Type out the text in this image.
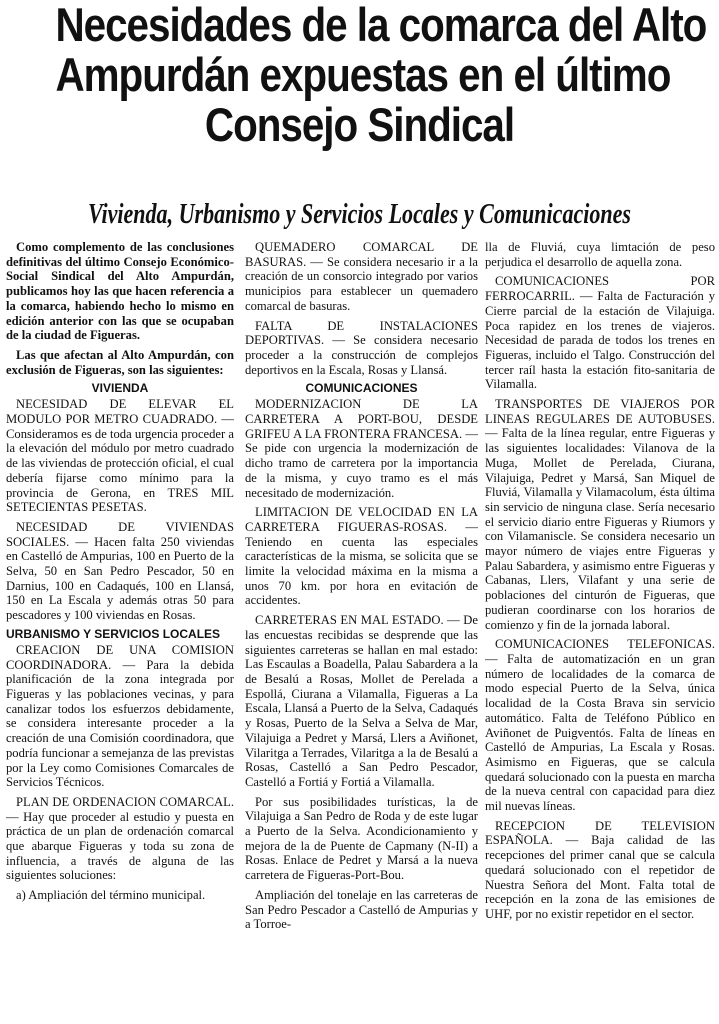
Necesidades de la comarca del Alto
Ampurdán expuestas en el último
Consejo Sindical
Vivienda, Urbanismo y Servicios Locales y Comunicaciones

Como complemento de las conclusiones definitivas del último Consejo Económico-Social Sindical del Alto Ampurdán, publicamos hoy las que hacen referencia a la comarca, habiendo hecho lo mismo en edición anterior con las que se ocupaban de la ciudad de Figueras.

Las que afectan al Alto Ampurdán, con exclusión de Figueras, son las siguientes:

VIVIENDA

NECESIDAD DE ELEVAR EL MODULO POR METRO CUADRADO. — Consideramos es de toda urgencia proceder a la elevación del módulo por metro cuadrado de las viviendas de protección oficial, el cual debería fijarse como mínimo para la provincia de Gerona, en TRES MIL SETECIENTAS PESETAS.

NECESIDAD DE VIVIENDAS SOCIALES. — Hacen falta 250 viviendas en Castelló de Ampurias, 100 en Puerto de la Selva, 50 en San Pedro Pescador, 50 en Darnius, 100 en Cadaqués, 100 en Llansá, 150 en La Escala y además otras 50 para pescadores y 100 viviendas en Rosas.

URBANISMO Y SERVICIOS LOCALES

CREACION DE UNA COMISION COORDINADORA. — Para la debida planificación de la zona integrada por Figueras y las poblaciones vecinas, y para canalizar todos los esfuerzos debidamente, se considera interesante proceder a la creación de una Comisión coordinadora, que podría funcionar a semejanza de las previstas por la Ley como Comisiones Comarcales de Servicios Técnicos.

PLAN DE ORDENACION COMARCAL. — Hay que proceder al estudio y puesta en práctica de un plan de ordenación comarcal que abarque Figueras y toda su zona de influencia, a través de alguna de las siguientes soluciones:

a) Ampliación del término municipal.

QUEMADERO COMARCAL DE BASURAS. — Se considera necesario ir a la creación de un consorcio integrado por varios municipios para establecer un quemadero comarcal de basuras.

FALTA DE INSTALACIONES DEPORTIVAS. — Se considera necesario proceder a la construcción de complejos deportivos en la Escala, Rosas y Llansá.

COMUNICACIONES

MODERNIZACION DE LA CARRETERA A PORT-BOU, DESDE GRIFEU A LA FRONTERA FRANCESA. — Se pide con urgencia la modernización de dicho tramo de carretera por la importancia de la misma, y cuyo tramo es el más necesitado de modernización.

LIMITACION DE VELOCIDAD EN LA CARRETERA FIGUERAS-ROSAS. — Teniendo en cuenta las especiales características de la misma, se solicita que se limite la velocidad máxima en la misma a unos 70 km. por hora en evitación de accidentes.

CARRETERAS EN MAL ESTADO. — De las encuestas recibidas se desprende que las siguientes carreteras se hallan en mal estado: Las Escaulas a Boadella, Palau Sabardera a la de Besalú a Rosas, Mollet de Perelada a Espollá, Ciurana a Vilamalla, Figueras a La Escala, Llansá a Puerto de la Selva, Cadaqués y Rosas, Puerto de la Selva a Selva de Mar, Vilajuiga a Pedret y Marsá, Llers a Aviñonet, Vilaritga a Terrades, Vilaritga a la de Besalú a Rosas, Castelló a San Pedro Pescador, Castelló a Fortiá y Fortiá a Vilamalla.

Por sus posibilidades turísticas, la de Vilajuiga a San Pedro de Roda y de este lugar a Puerto de la Selva. Acondicionamiento y mejora de la de Puente de Capmany (N-II) a Rosas. Enlace de Pedret y Marsá a la nueva carretera de Figueras-Port-Bou.

Ampliación del tonelaje en las carreteras de San Pedro Pescador a Castelló de Ampurias y a Torroe-

lla de Fluviá, cuya limtación de peso perjudica el desarrollo de aquella zona.

COMUNICACIONES POR FERROCARRIL. — Falta de Facturación y Cierre parcial de la estación de Vilajuiga. Poca rapidez en los trenes de viajeros. Necesidad de parada de todos los trenes en Figueras, incluido el Talgo. Construcción del tercer raíl hasta la estación fito-sanitaria de Vilamalla.

TRANSPORTES DE VIAJEROS POR LINEAS REGULARES DE AUTOBUSES. — Falta de la línea regular, entre Figueras y las siguientes localidades: Vilanova de la Muga, Mollet de Perelada, Ciurana, Vilajuiga, Pedret y Marsá, San Miquel de Fluviá, Vilamalla y Vilamacolum, ésta última sin servicio de ninguna clase. Sería necesario el servicio diario entre Figueras y Riumors y con Vilamaniscle. Se considera necesario un mayor número de viajes entre Figueras y Palau Sabardera, y asimismo entre Figueras y Cabanas, Llers, Vilafant y una serie de poblaciones del cinturón de Figueras, que pudieran coordinarse con los horarios de comienzo y fin de la jornada laboral.

COMUNICACIONES TELEFONICAS. — Falta de automatización en un gran número de localidades de la comarca de modo especial Puerto de la Selva, única localidad de la Costa Brava sin servicio automático. Falta de Teléfono Público en Aviñonet de Puigventós. Falta de líneas en Castelló de Ampurias, La Escala y Rosas. Asimismo en Figueras, que se calcula quedará solucionado con la puesta en marcha de la nueva central con capacidad para diez mil nuevas líneas.

RECEPCION DE TELEVISION ESPAÑOLA. — Baja calidad de las recepciones del primer canal que se calcula quedará solucionado con el repetidor de Nuestra Señora del Mont. Falta total de recepción en la zona de las emisiones de UHF, por no existir repetidor en el sector.
